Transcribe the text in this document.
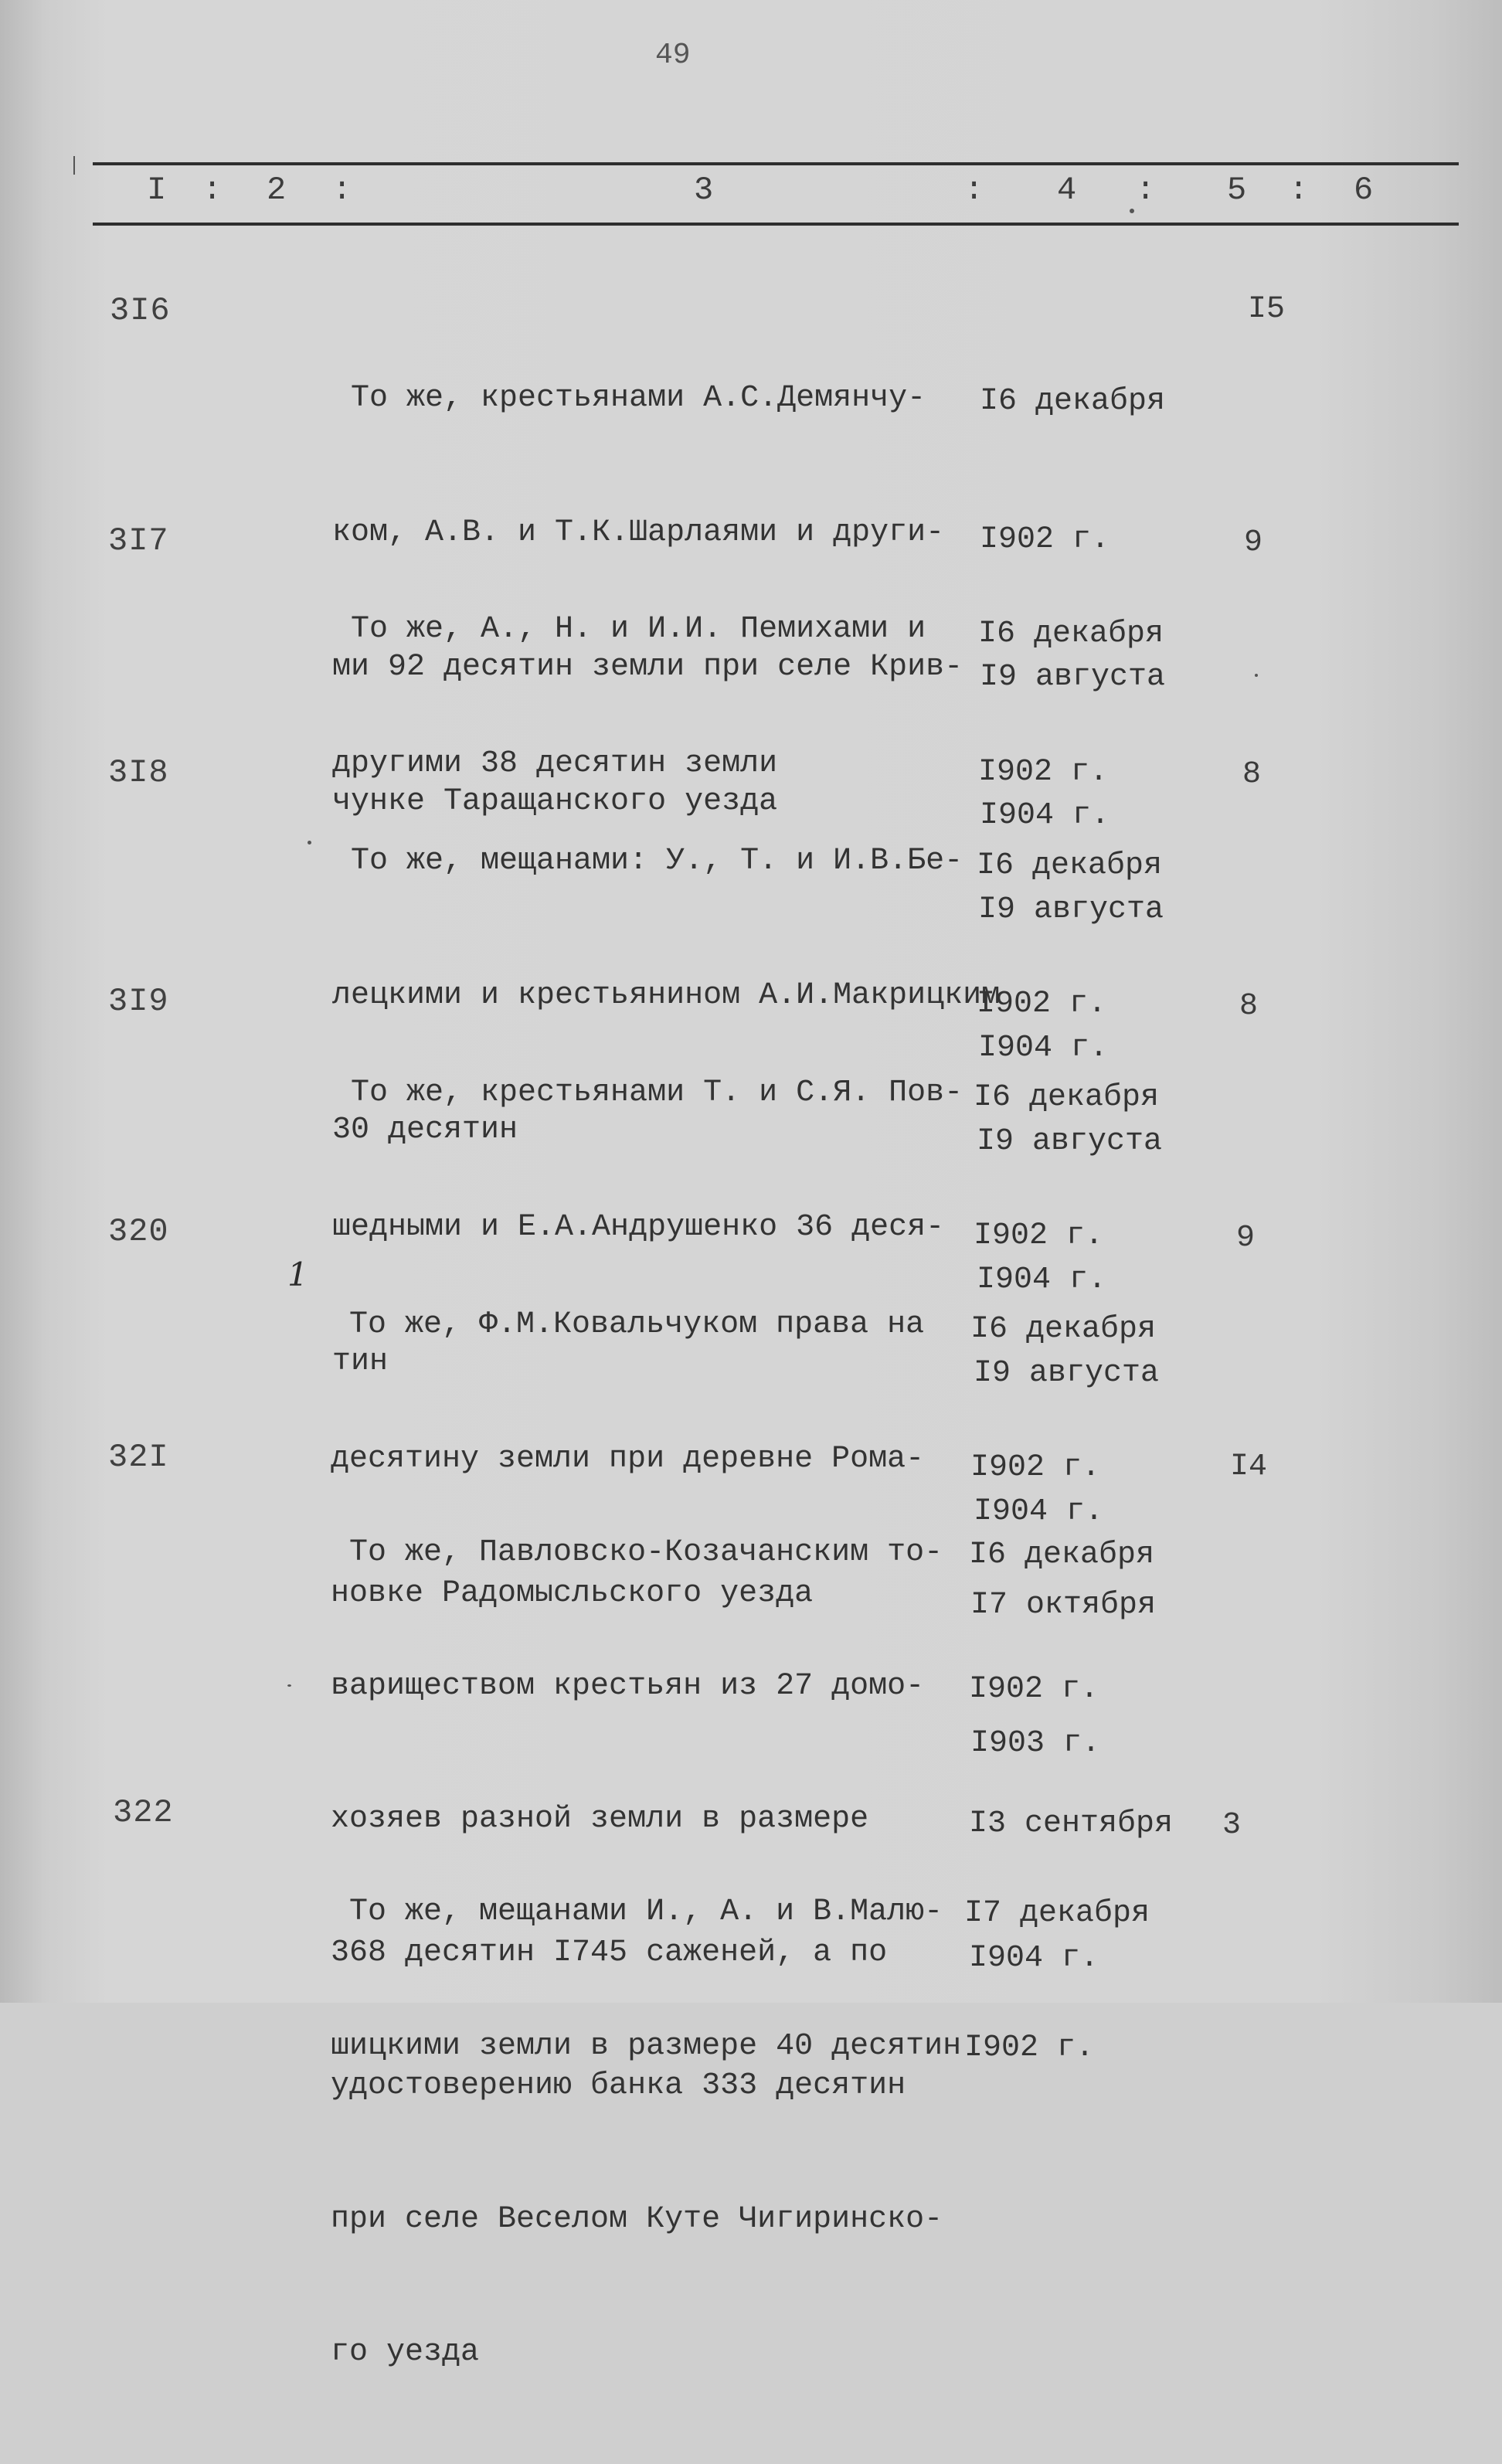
49
I : 2 :	3	: 4 : 5 : 6
3I6

То же, крестьянами А.С.Демянчу-

ком, А.В. и Т.К.Шарлаями и други-

ми 92 десятин земли при селе Крив-

чунке Таращанского уезда

I6 декабря

I902 г.

I9 августа

I904 г.

I5
3I7

То же, А., Н. и И.И. Пемихами и

другими 38 десятин земли

I6 декабря

I902 г.

I9 августа

I904 г.

9
3I8

То же, мещанами: У., Т. и И.В.Бе-

лецкими и крестьянином А.И.Макрицким

30 десятин

I6 декабря

I902 г.

I9 августа

I904 г.

8
3I9

То же, крестьянами Т. и С.Я. Пов-

шедными и Е.А.Андрушенко 36 деся-

тин

I6 декабря

I902 г.

I9 августа

I904 г.

8
320
1

То же, Ф.М.Ковальчуком права на

десятину земли при деревне Рома-

новке Радомысльского уезда

I6 декабря

I902 г.

I7 октября

I903 г.

9
32I

То же, Павловско-Козачанским то-

вариществом крестьян из 27 домо-

хозяев разной земли в размере

368 десятин I745 саженей, а по

удостоверению банка 333 десятин

при селе Веселом Куте Чигиринско-

го уезда

I6 декабря

I902 г.

I3 сентября

I904 г.

I4
322

То же, мещанами И., А. и В.Малю-

шицкими земли в размере 40 десятин

I7 декабря

I902 г.

3
